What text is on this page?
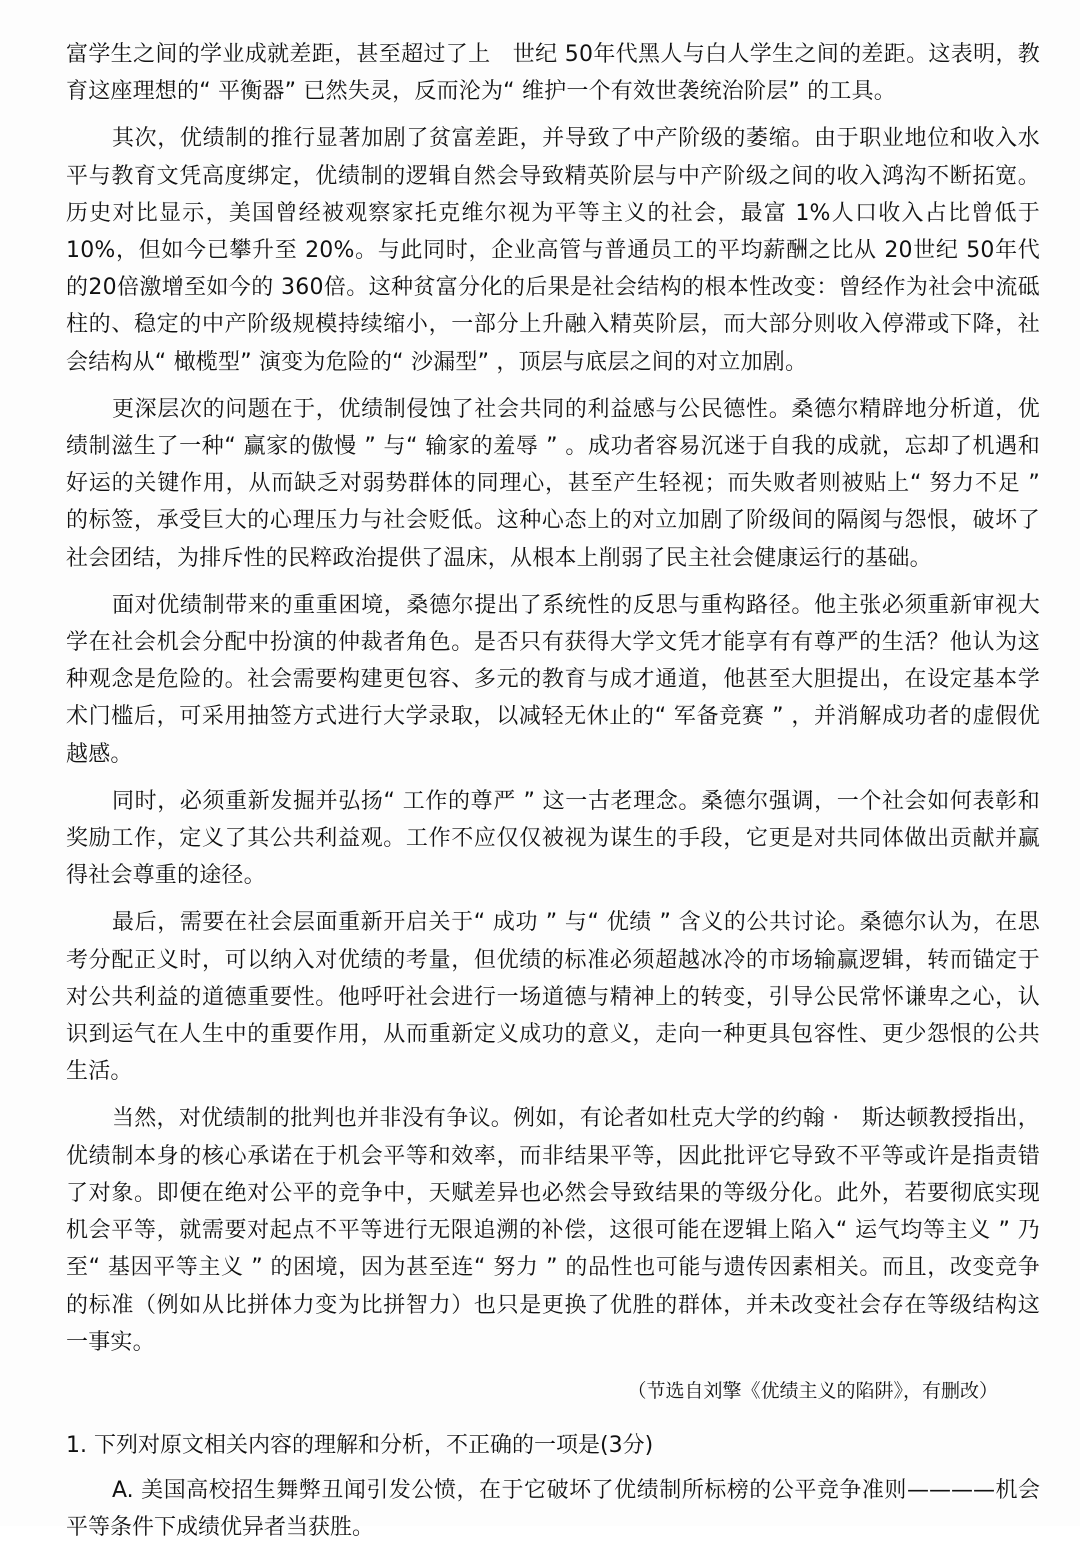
富学生之间的学业成就差距，甚至超过了上　世纪 50年代黑人与白人学生之间的差距。这表明，教育这座理想的“ 平衡器” 已然失灵，反而沦为“ 维护一个有效世袭统治阶层” 的工具。

其次，优绩制的推行显著加剧了贫富差距，并导致了中产阶级的萎缩。由于职业地位和收入水平与教育文凭高度绑定，优绩制的逻辑自然会导致精英阶层与中产阶级之间的收入鸿沟不断拓宽。历史对比显示，美国曾经被观察家托克维尔视为平等主义的社会，最富 1%人口收入占比曾低于 10%，但如今已攀升至 20%。与此同时，企业高管与普通员工的平均薪酬之比从 20世纪 50年代的20倍激增至如今的 360倍。这种贫富分化的后果是社会结构的根本性改变：曾经作为社会中流砥柱的、稳定的中产阶级规模持续缩小，一部分上升融入精英阶层，而大部分则收入停滞或下降，社会结构从“ 橄榄型” 演变为危险的“ 沙漏型” ，顶层与底层之间的对立加剧。

更深层次的问题在于，优绩制侵蚀了社会共同的利益感与公民德性。桑德尔精辟地分析道，优绩制滋生了一种“ 赢家的傲慢 ” 与“ 输家的羞辱 ” 。成功者容易沉迷于自我的成就，忘却了机遇和好运的关键作用，从而缺乏对弱势群体的同理心，甚至产生轻视；而失败者则被贴上“ 努力不足 ” 的标签，承受巨大的心理压力与社会贬低。这种心态上的对立加剧了阶级间的隔阂与怨恨，破坏了社会团结，为排斥性的民粹政治提供了温床，从根本上削弱了民主社会健康运行的基础。

面对优绩制带来的重重困境，桑德尔提出了系统性的反思与重构路径。他主张必须重新审视大学在社会机会分配中扮演的仲裁者角色。是否只有获得大学文凭才能享有有尊严的生活？他认为这种观念是危险的。社会需要构建更包容、多元的教育与成才通道，他甚至大胆提出，在设定基本学术门槛后，可采用抽签方式进行大学录取，以减轻无休止的“ 军备竞赛 ” ，并消解成功者的虚假优越感。

同时，必须重新发掘并弘扬“ 工作的尊严 ” 这一古老理念。桑德尔强调，一个社会如何表彰和奖励工作，定义了其公共利益观。工作不应仅仅被视为谋生的手段，它更是对共同体做出贡献并赢得社会尊重的途径。

最后，需要在社会层面重新开启关于“ 成功 ” 与“ 优绩 ” 含义的公共讨论。桑德尔认为，在思考分配正义时，可以纳入对优绩的考量，但优绩的标准必须超越冰冷的市场输赢逻辑，转而锚定于对公共利益的道德重要性。他呼吁社会进行一场道德与精神上的转变，引导公民常怀谦卑之心，认识到运气在人生中的重要作用，从而重新定义成功的意义，走向一种更具包容性、更少怨恨的公共生活。

当然，对优绩制的批判也并非没有争议。例如，有论者如杜克大学的约翰 ·　斯达顿教授指出，优绩制本身的核心承诺在于机会平等和效率，而非结果平等，因此批评它导致不平等或许是指责错了对象。即便在绝对公平的竞争中，天赋差异也必然会导致结果的等级分化。此外，若要彻底实现机会平等，就需要对起点不平等进行无限追溯的补偿，这很可能在逻辑上陷入“ 运气均等主义 ” 乃至“ 基因平等主义 ” 的困境，因为甚至连“ 努力 ” 的品性也可能与遗传因素相关。而且，改变竞争的标准（例如从比拼体力变为比拼智力）也只是更换了优胜的群体，并未改变社会存在等级结构这一事实。

（节选自刘擎《优绩主义的陷阱》，有删改）
1. 下列对原文相关内容的理解和分析，不正确的一项是(3分)
A. 美国高校招生舞弊丑闻引发公愤，在于它破坏了优绩制所标榜的公平竞争准则————机会平等条件下成绩优异者当获胜。
